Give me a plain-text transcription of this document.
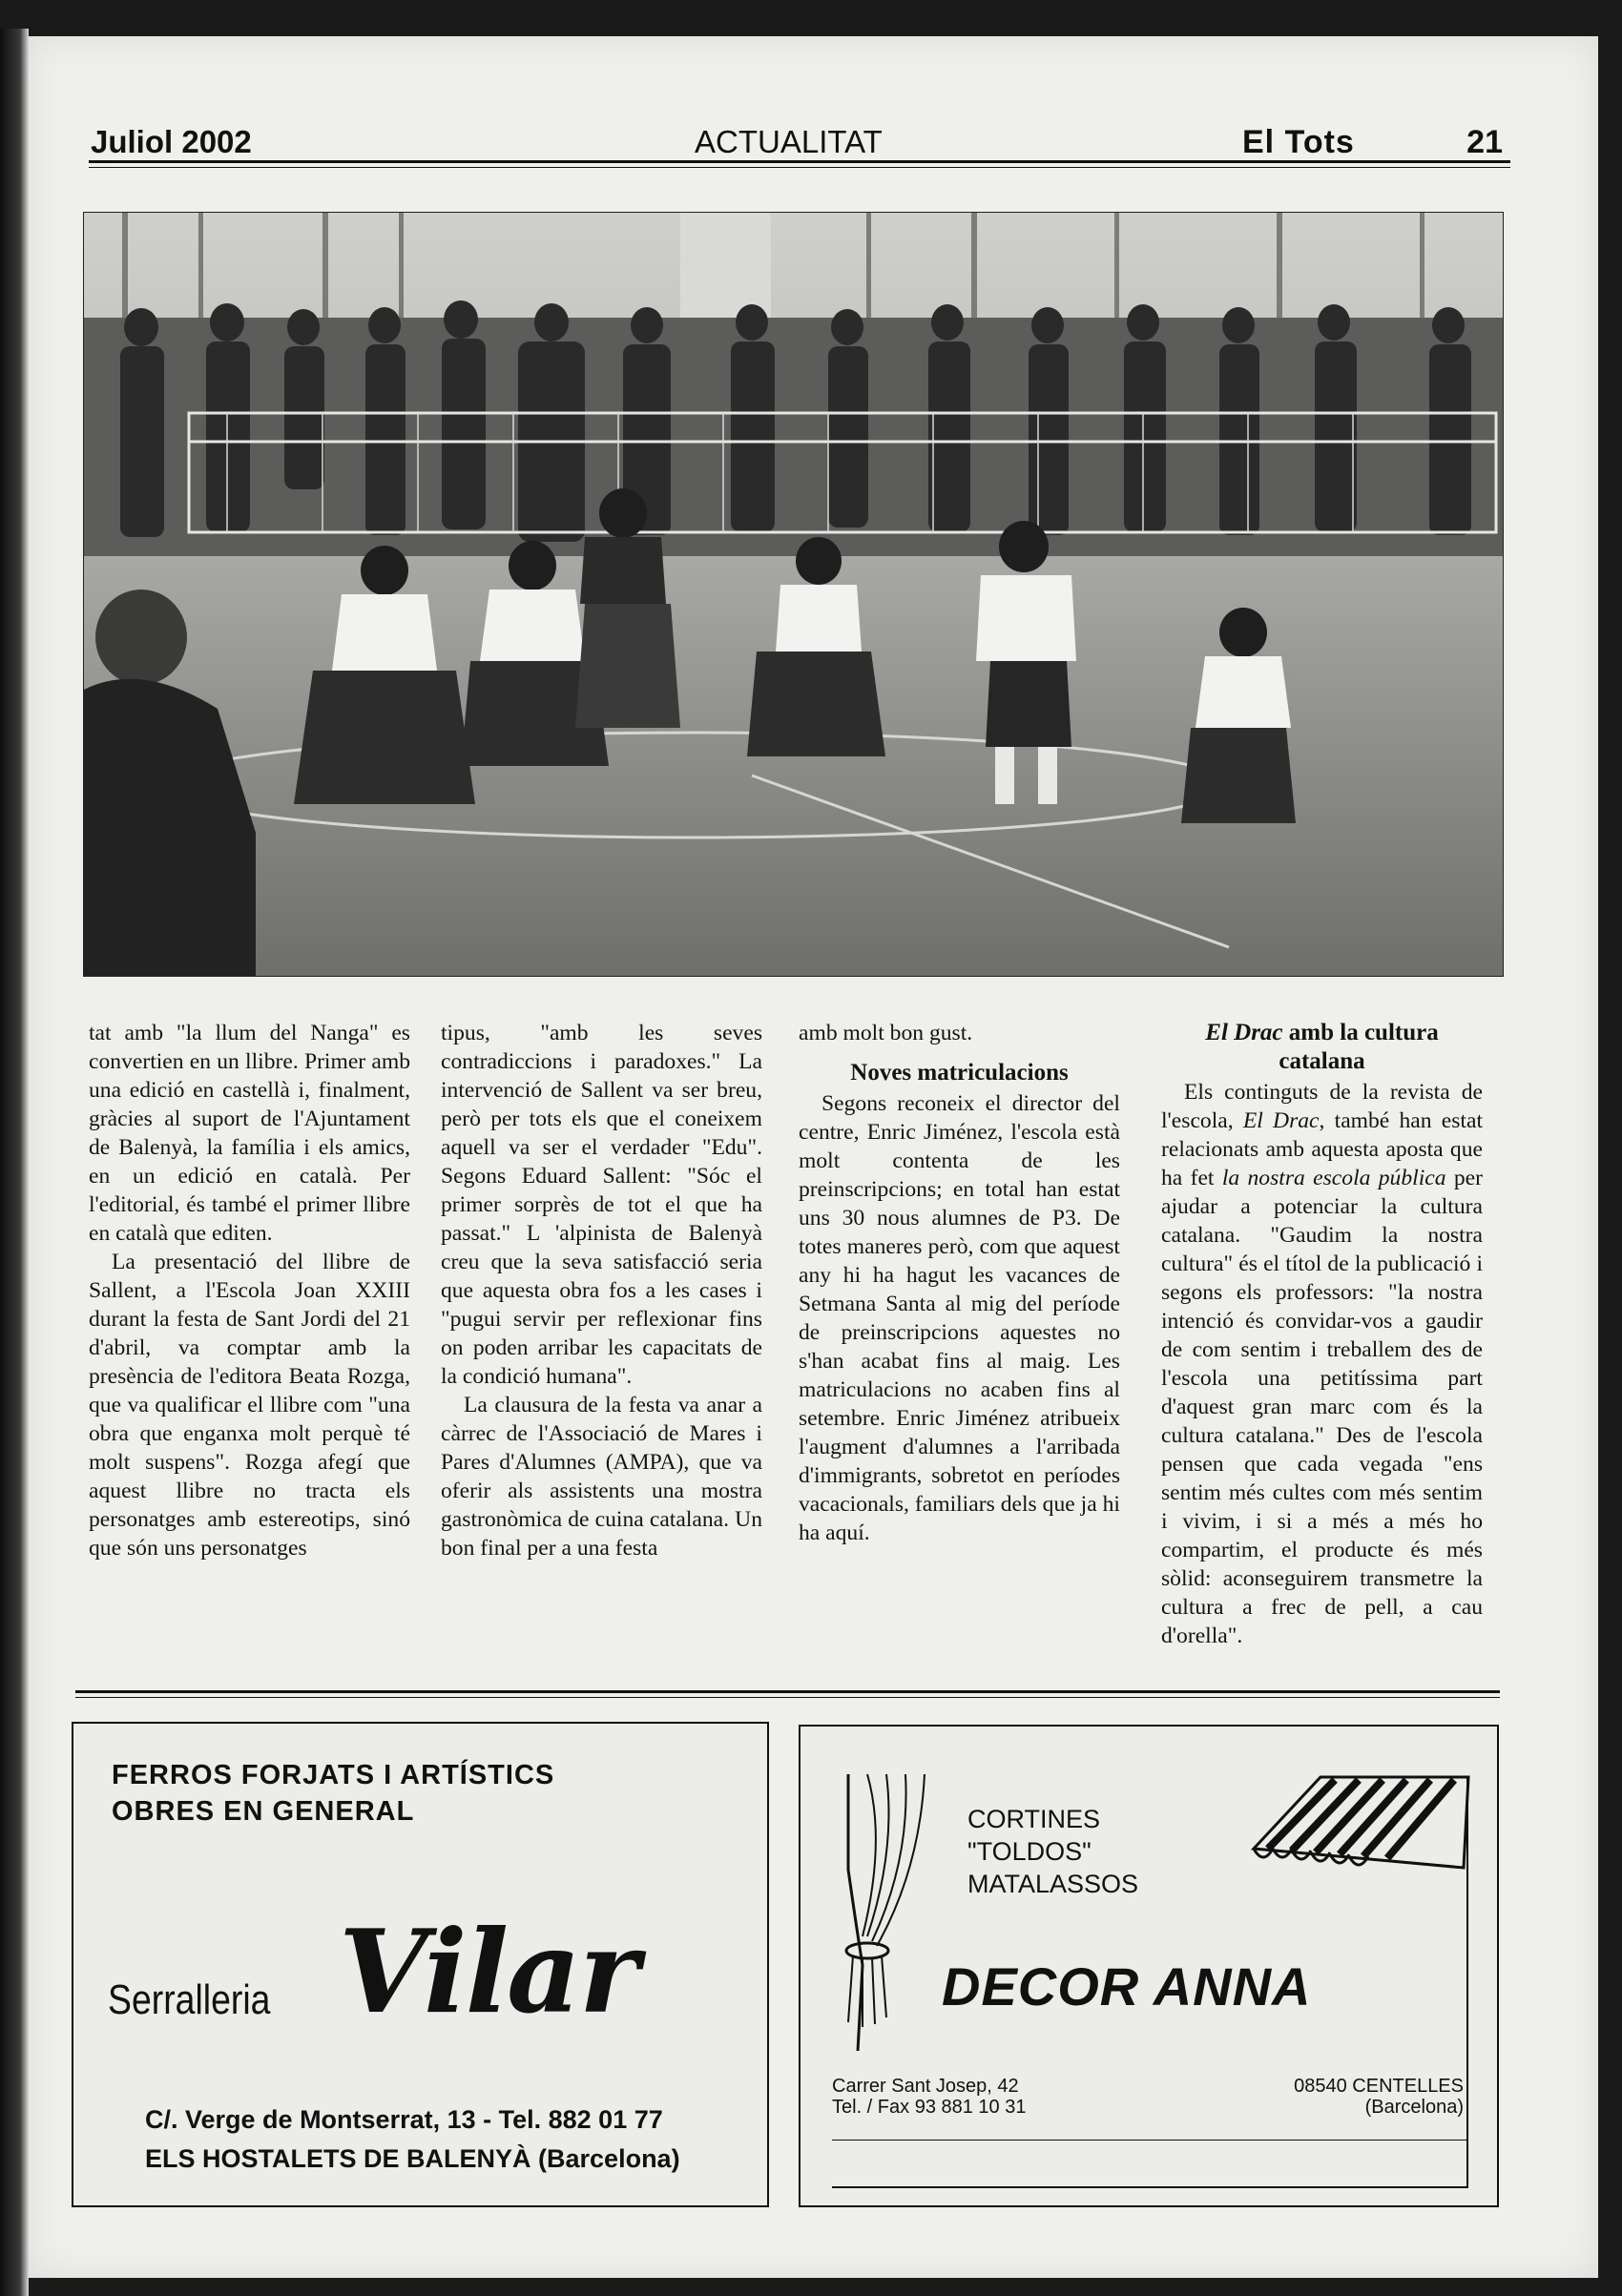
Juliol 2002	ACTUALITAT	El Tots	21

tat amb "la llum del Nanga" es convertien en un llibre. Primer amb una edició en castellà i, finalment, gràcies al suport de l'Ajuntament de Balenyà, la família i els amics, en un edició en català. Per l'editorial, és també el primer llibre en català que editen.

La presentació del llibre de Sallent, a l'Escola Joan XXIII durant la festa de Sant Jordi del 21 d'abril, va comptar amb la presència de l'editora Beata Rozga, que va qualificar el llibre com "una obra que enganxa molt perquè té molt suspens". Rozga afegí que aquest llibre no tracta els personatges amb estereotips, sinó que són uns personatges

tipus, "amb les seves contradiccions i paradoxes." La intervenció de Sallent va ser breu, però per tots els que el coneixem aquell va ser el verdader "Edu". Segons Eduard Sallent: "Sóc el primer sorprès de tot el que ha passat." L 'alpinista de Balenyà creu que la seva satisfacció seria que aquesta obra fos a les cases i "pugui servir per reflexionar fins on poden arribar les capacitats de la condició humana".

La clausura de la festa va anar a càrrec de l'Associació de Mares i Pares d'Alumnes (AMPA), que va oferir als assistents una mostra gastronòmica de cuina catalana. Un bon final per a una festa

amb molt bon gust.

Noves matriculacions

Segons reconeix el director del centre, Enric Jiménez, l'escola està molt contenta de les preinscripcions; en total han estat uns 30 nous alumnes de P3. De totes maneres però, com que aquest any hi ha hagut les vacances de Setmana Santa al mig del període de preinscripcions aquestes no s'han acabat fins al maig. Les matriculacions no acaben fins al setembre. Enric Jiménez atribueix l'augment d'alumnes a l'arribada d'immigrants, sobretot en períodes vacacionals, familiars dels que ja hi ha aquí.

El Drac amb la cultura catalana

Els continguts de la revista de l'escola, El Drac, també han estat relacionats amb aquesta aposta que ha fet la nostra escola pública per ajudar a potenciar la cultura catalana. "Gaudim la nostra cultura" és el títol de la publicació i segons els professors: "la nostra intenció és convidar-vos a gaudir de com sentim i treballem des de l'escola una petitíssima part d'aquest gran marc com és la cultura catalana." Des de l'escola pensen que cada vegada "ens sentim més cultes com més sentim i vivim, i si a més a més ho compartim, el producte és més sòlid: aconseguirem transmetre la cultura a frec de pell, a cau d'orella".

FERROS FORJATS I ARTÍSTICS
OBRES EN GENERAL
Serralleria Vilar
C/. Verge de Montserrat, 13 - Tel. 882 01 77
ELS HOSTALETS DE BALENYÀ (Barcelona)
CORTINES
"TOLDOS"
MATALASSOS
DECOR ANNA
Carrer Sant Josep, 42
Tel. / Fax 93 881 10 31
08540 CENTELLES
(Barcelona)
